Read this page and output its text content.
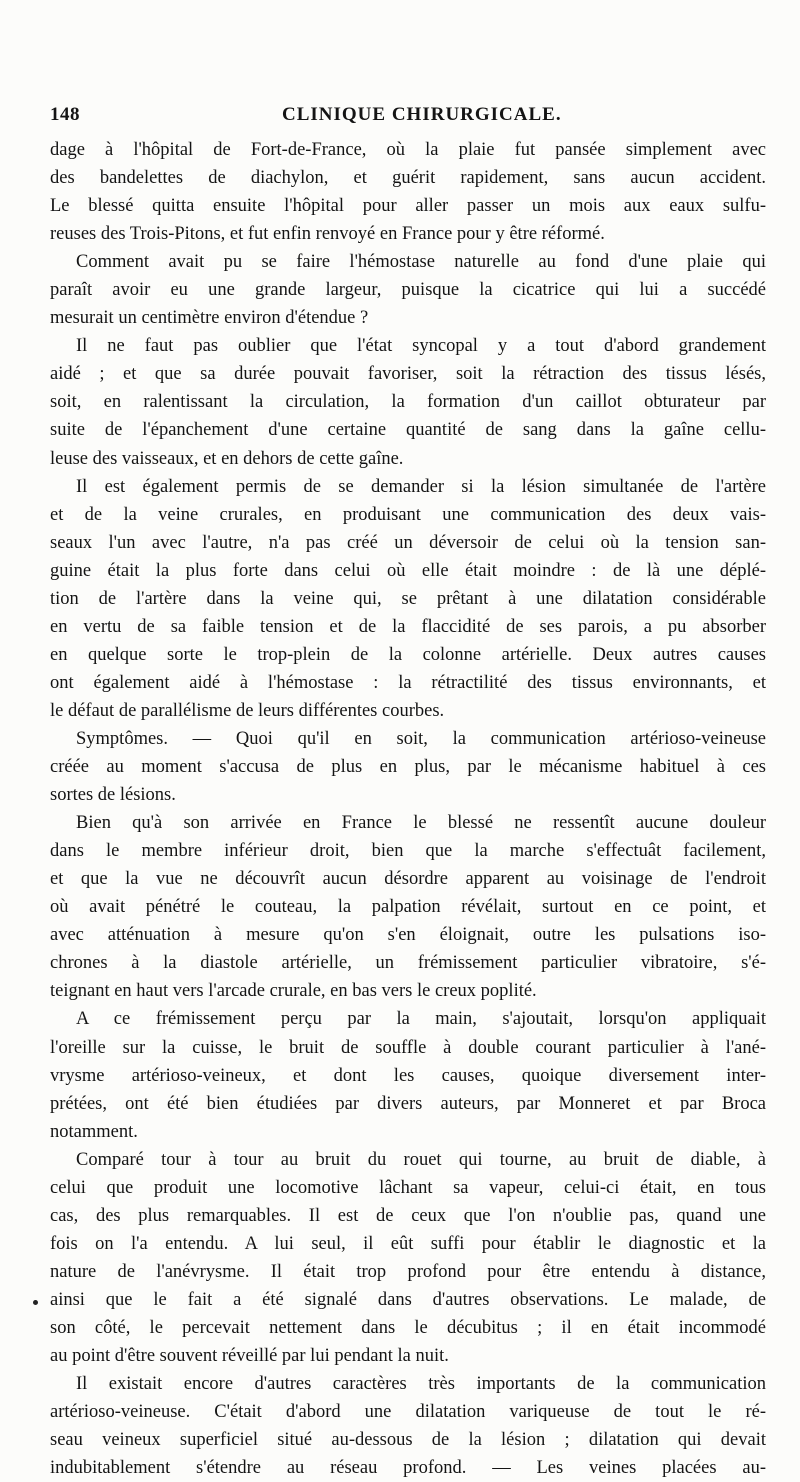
148	CLINIQUE CHIRURGICALE.
dage à l'hôpital de Fort-de-France, où la plaie fut pansée simplement avec
des bandelettes de diachylon, et guérit rapidement, sans aucun accident.
Le blessé quitta ensuite l'hôpital pour aller passer un mois aux eaux sulfu-
reuses des Trois-Pitons, et fut enfin renvoyé en France pour y être réformé.
Comment avait pu se faire l'hémostase naturelle au fond d'une plaie qui
paraît avoir eu une grande largeur, puisque la cicatrice qui lui a succédé
mesurait un centimètre environ d'étendue ?
Il ne faut pas oublier que l'état syncopal y a tout d'abord grandement
aidé ; et que sa durée pouvait favoriser, soit la rétraction des tissus lésés,
soit, en ralentissant la circulation, la formation d'un caillot obturateur par
suite de l'épanchement d'une certaine quantité de sang dans la gaîne cellu-
leuse des vaisseaux, et en dehors de cette gaîne.
Il est également permis de se demander si la lésion simultanée de l'artère
et de la veine crurales, en produisant une communication des deux vais-
seaux l'un avec l'autre, n'a pas créé un déversoir de celui où la tension san-
guine était la plus forte dans celui où elle était moindre : de là une déplé-
tion de l'artère dans la veine qui, se prêtant à une dilatation considérable
en vertu de sa faible tension et de la flaccidité de ses parois, a pu absorber
en quelque sorte le trop-plein de la colonne artérielle. Deux autres causes
ont également aidé à l'hémostase : la rétractilité des tissus environnants, et
le défaut de parallélisme de leurs différentes courbes.
Symptômes. — Quoi qu'il en soit, la communication artérioso-veineuse
créée au moment s'accusa de plus en plus, par le mécanisme habituel à ces
sortes de lésions.
Bien qu'à son arrivée en France le blessé ne ressentît aucune douleur
dans le membre inférieur droit, bien que la marche s'effectuât facilement,
et que la vue ne découvrît aucun désordre apparent au voisinage de l'endroit
où avait pénétré le couteau, la palpation révélait, surtout en ce point, et
avec atténuation à mesure qu'on s'en éloignait, outre les pulsations iso-
chrones à la diastole artérielle, un frémissement particulier vibratoire, s'é-
teignant en haut vers l'arcade crurale, en bas vers le creux poplité.
A ce frémissement perçu par la main, s'ajoutait, lorsqu'on appliquait
l'oreille sur la cuisse, le bruit de souffle à double courant particulier à l'ané-
vrysme artérioso-veineux, et dont les causes, quoique diversement inter-
prétées, ont été bien étudiées par divers auteurs, par Monneret et par Broca
notamment.
Comparé tour à tour au bruit du rouet qui tourne, au bruit de diable, à
celui que produit une locomotive lâchant sa vapeur, celui-ci était, en tous
cas, des plus remarquables. Il est de ceux que l'on n'oublie pas, quand une
fois on l'a entendu. A lui seul, il eût suffi pour établir le diagnostic et la
nature de l'anévrysme. Il était trop profond pour être entendu à distance,
ainsi que le fait a été signalé dans d'autres observations. Le malade, de
son côté, le percevait nettement dans le décubitus ; il en était incommodé
au point d'être souvent réveillé par lui pendant la nuit.
Il existait encore d'autres caractères très importants de la communication
artérioso-veineuse. C'était d'abord une dilatation variqueuse de tout le ré-
seau veineux superficiel situé au-dessous de la lésion ; dilatation qui devait
indubitablement s'étendre au réseau profond. — Les veines placées au-
